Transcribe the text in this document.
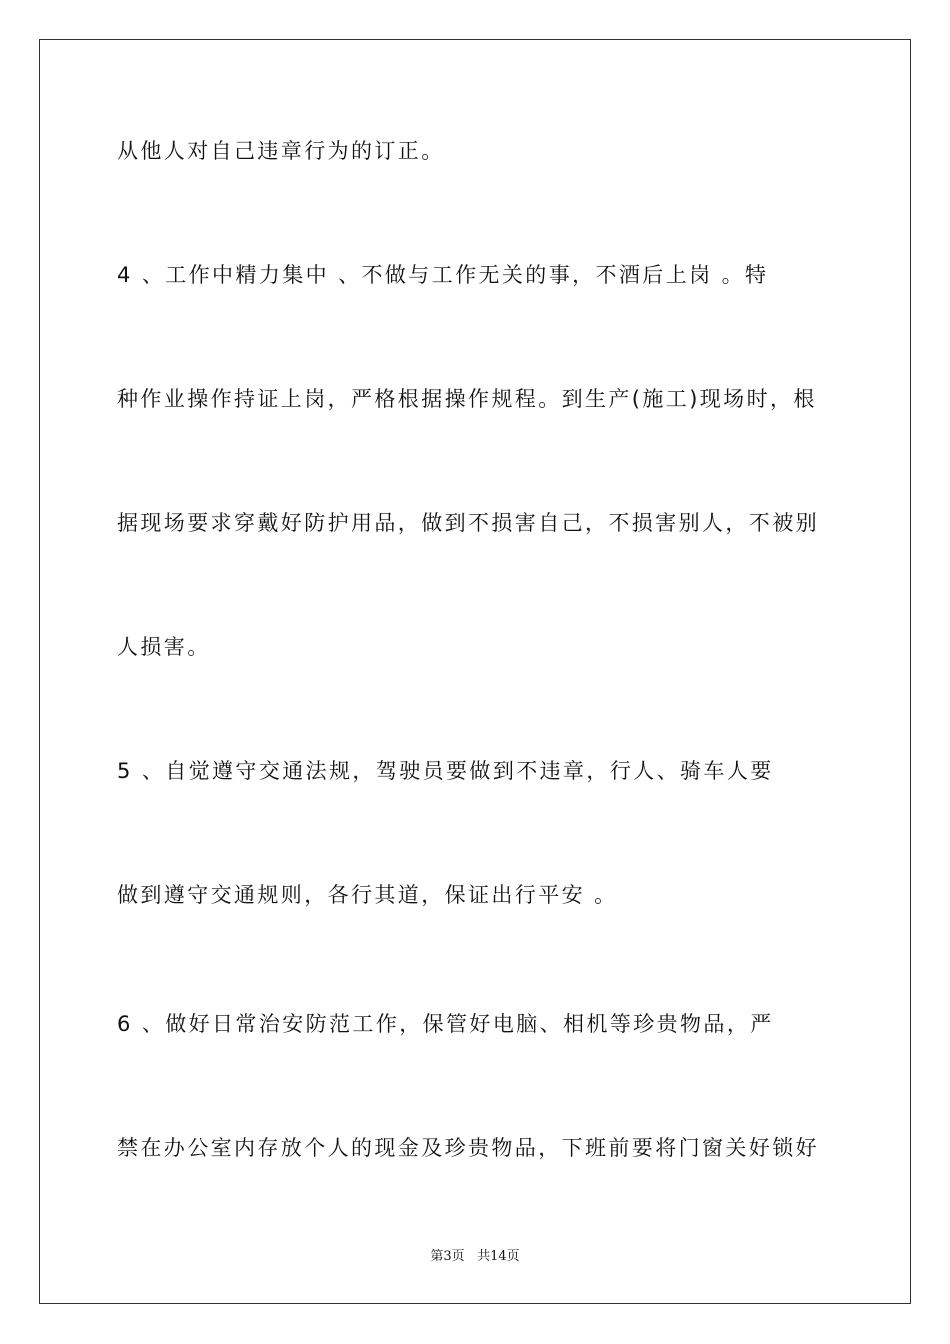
从他人对自己违章行为的订正。
4 、工作中精力集中 、不做与工作无关的事，不酒后上岗 。特
种作业操作持证上岗，严格根据操作规程。到生产(施工)现场时，根
据现场要求穿戴好防护用品，做到不损害自己，不损害别人，不被别
人损害。
5 、自觉遵守交通法规，驾驶员要做到不违章，行人、骑车人要
做到遵守交通规则，各行其道，保证出行平安 。
6 、做好日常治安防范工作，保管好电脑、相机等珍贵物品，严
禁在办公室内存放个人的现金及珍贵物品，下班前要将门窗关好锁好
第3页 共14页
